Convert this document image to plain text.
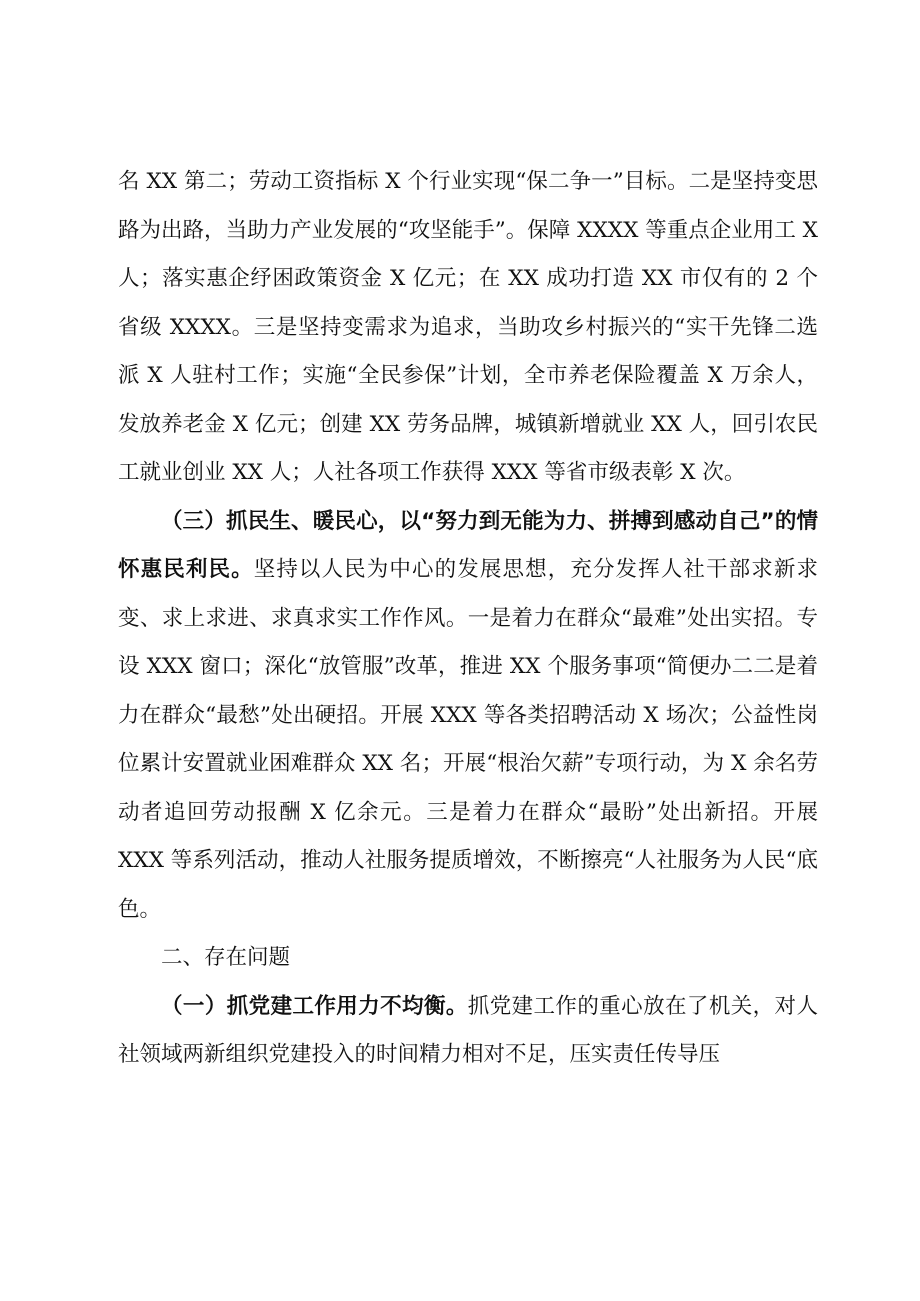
名 XX 第二；劳动工资指标 X 个行业实现“保二争一”目标。二是坚持变思路为出路，当助力产业发展的“攻坚能手”。保障 XXXX 等重点企业用工 X 人；落实惠企纾困政策资金 X 亿元；在 XX 成功打造 XX 市仅有的 2 个省级 XXXX。三是坚持变需求为追求，当助攻乡村振兴的“实干先锋二选派 X 人驻村工作；实施“全民参保”计划，全市养老保险覆盖 X 万余人，发放养老金 X 亿元；创建 XX 劳务品牌，城镇新增就业 XX 人，回引农民工就业创业 XX 人；人社各项工作获得 XXX 等省市级表彰 X 次。

（三）抓民生、暖民心，以“努力到无能为力、拼搏到感动自己”的情怀惠民利民。坚持以人民为中心的发展思想，充分发挥人社干部求新求变、求上求进、求真求实工作作风。一是着力在群众“最难”处出实招。专设 XXX 窗口；深化“放管服”改革，推进 XX 个服务事项“简便办二二是着力在群众“最愁”处出硬招。开展 XXX 等各类招聘活动 X 场次；公益性岗位累计安置就业困难群众 XX 名；开展“根治欠薪”专项行动，为 X 余名劳动者追回劳动报酬 X 亿余元。三是着力在群众“最盼”处出新招。开展 XXX 等系列活动，推动人社服务提质增效，不断擦亮“人社服务为人民“底色。

二、存在问题

（一）抓党建工作用力不均衡。抓党建工作的重心放在了机关，对人社领域两新组织党建投入的时间精力相对不足，压实责任传导压
